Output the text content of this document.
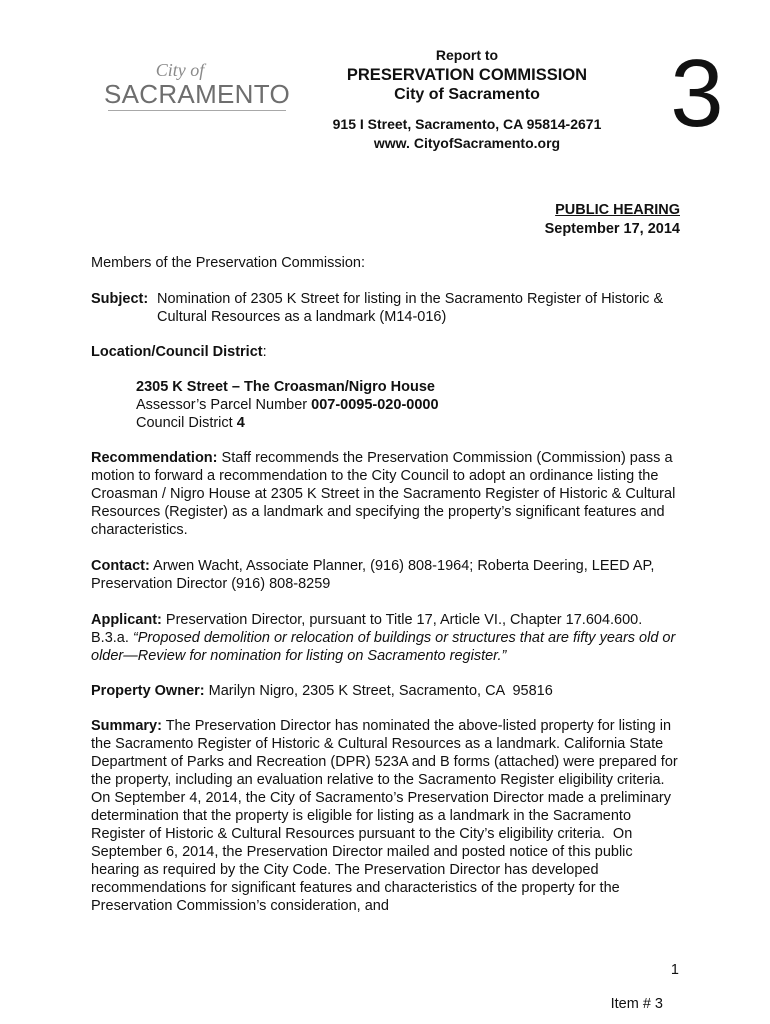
City of
SACRAMENTO
Report to
PRESERVATION COMMISSION
City of Sacramento
915 I Street, Sacramento, CA 95814-2671
www. CityofSacramento.org	3
PUBLIC HEARING
September 17, 2014
Members of the Preservation Commission:
Subject: Nomination of 2305 K Street for listing in the Sacramento Register of Historic & Cultural Resources as a landmark (M14-016)
Location/Council District:
2305 K Street – The Croasman/Nigro House
Assessor’s Parcel Number 007-0095-020-0000
Council District 4
Recommendation: Staff recommends the Preservation Commission (Commission) pass a motion to forward a recommendation to the City Council to adopt an ordinance listing the Croasman / Nigro House at 2305 K Street in the Sacramento Register of Historic & Cultural Resources (Register) as a landmark and specifying the property’s significant features and characteristics.
Contact: Arwen Wacht, Associate Planner, (916) 808-1964; Roberta Deering, LEED AP, Preservation Director (916) 808-8259
Applicant: Preservation Director, pursuant to Title 17, Article VI., Chapter 17.604.600. B.3.a. “Proposed demolition or relocation of buildings or structures that are fifty years old or older—Review for nomination for listing on Sacramento register.”
Property Owner: Marilyn Nigro, 2305 K Street, Sacramento, CA  95816
Summary: The Preservation Director has nominated the above-listed property for listing in the Sacramento Register of Historic & Cultural Resources as a landmark. California State Department of Parks and Recreation (DPR) 523A and B forms (attached) were prepared for the property, including an evaluation relative to the Sacramento Register eligibility criteria. On September 4, 2014, the City of Sacramento’s Preservation Director made a preliminary determination that the property is eligible for listing as a landmark in the Sacramento Register of Historic & Cultural Resources pursuant to the City’s eligibility criteria.  On September 6, 2014, the Preservation Director mailed and posted notice of this public hearing as required by the City Code. The Preservation Director has developed recommendations for significant features and characteristics of the property for the Preservation Commission’s consideration, and
1
Item # 3
